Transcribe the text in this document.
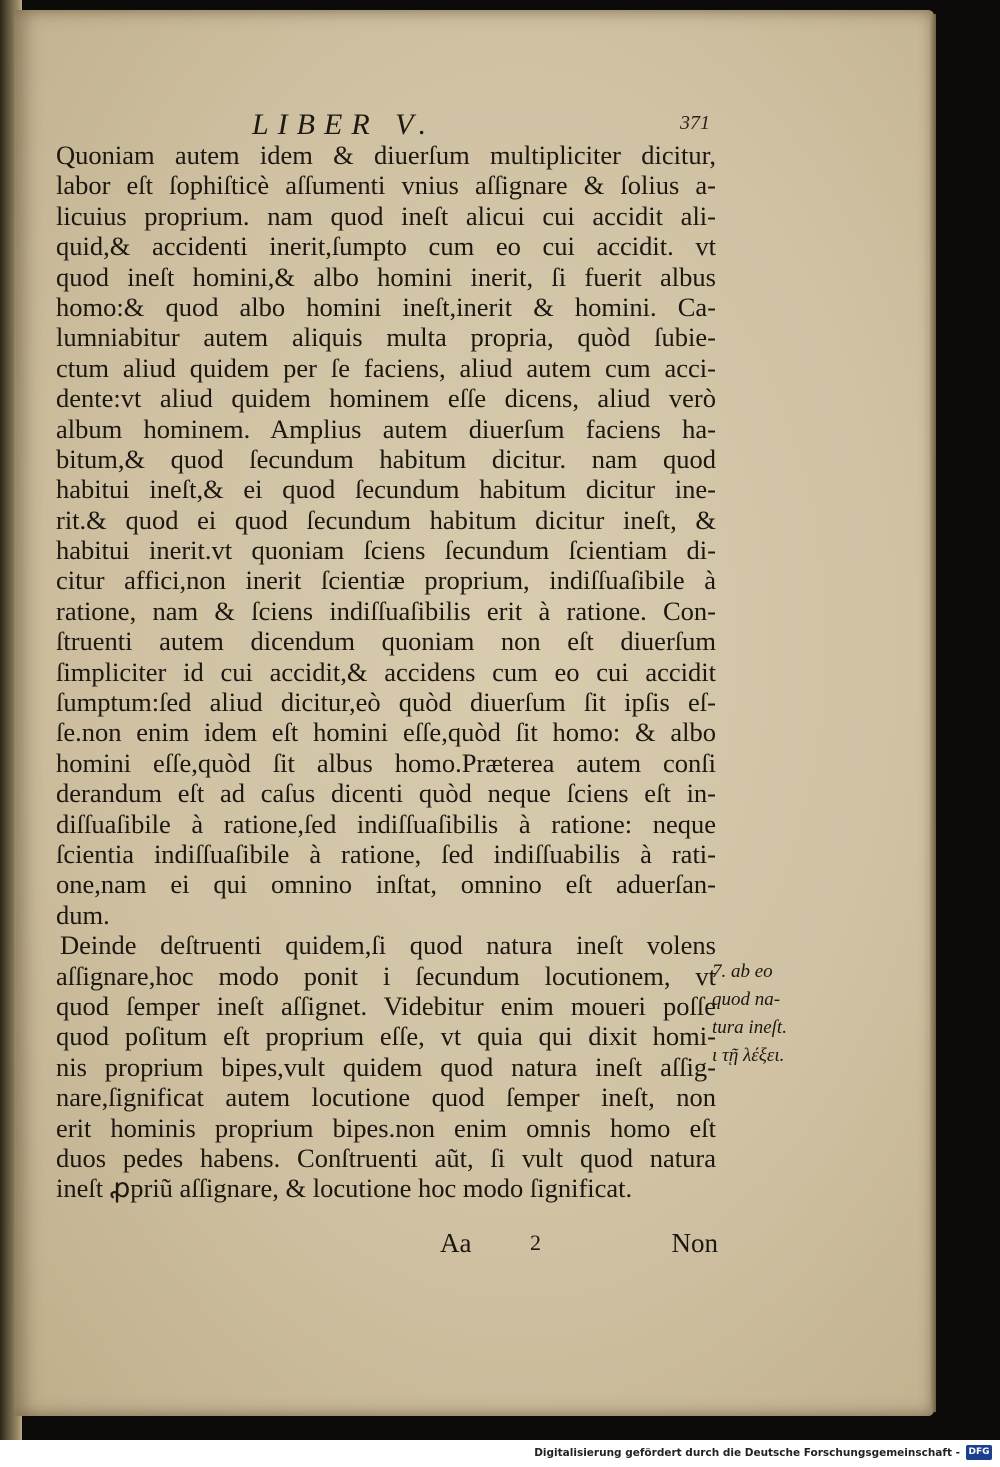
LIBER V.	371
Quoniam autem idem & diuerſum multipliciter dicitur,
labor eſt ſophiſticè aſſumenti vnius aſſignare & ſolius a-
licuius proprium. nam quod ineſt alicui cui accidit ali-
quid,& accidenti inerit,ſumpto cum eo cui accidit. vt
quod ineſt homini,& albo homini inerit, ſi fuerit albus
homo:& quod albo homini ineſt,inerit & homini. Ca-
lumniabitur autem aliquis multa propria, quòd ſubie-
ctum aliud quidem per ſe faciens, aliud autem cum acci-
dente:vt aliud quidem hominem eſſe dicens, aliud verò
album hominem. Amplius autem diuerſum faciens ha-
bitum,& quod ſecundum habitum dicitur. nam quod
habitui ineſt,& ei quod ſecundum habitum dicitur ine-
rit.& quod ei quod ſecundum habitum dicitur ineſt, &
habitui inerit.vt quoniam ſciens ſecundum ſcientiam di-
citur affici,non inerit ſcientiæ proprium, indiſſuaſibile à
ratione, nam & ſciens indiſſuaſibilis erit à ratione. Con-
ſtruenti autem dicendum quoniam non eſt diuerſum
ſimpliciter id cui accidit,& accidens cum eo cui accidit
ſumptum:ſed aliud dicitur,eò quòd diuerſum ſit ipſis eſ-
ſe.non enim idem eſt homini eſſe,quòd ſit homo: & albo
homini eſſe,quòd ſit albus homo.Præterea autem conſi
derandum eſt ad caſus dicenti quòd neque ſciens eſt in-
diſſuaſibile à ratione,ſed indiſſuaſibilis à ratione: neque
ſcientia indiſſuaſibile à ratione, ſed indiſſuabilis à rati-
one,nam ei qui omnino inſtat, omnino eſt aduerſan-
dum.
Deinde deſtruenti quidem,ſi quod natura ineſt volens
aſſignare,hoc modo ponit i ſecundum locutionem, vt
quod ſemper ineſt aſſignet. Videbitur enim moueri poſſe
quod poſitum eſt proprium eſſe, vt quia qui dixit homi-
nis proprium bipes,vult quidem quod natura ineſt aſſig-
nare,ſignificat autem locutione quod ſemper ineſt, non
erit hominis proprium bipes.non enim omnis homo eſt
duos pedes habens. Conſtruenti aũt, ſi vult quod natura
ineſt ꝓpriũ aſſignare, & locutione hoc modo ſignificat.
7. ab eo
quod na-
tura ineſt.
ι τῇ λέξει.
Aa	2	Non
Digitalisierung gefördert durch die Deutsche Forschungsgemeinschaft - DFG
